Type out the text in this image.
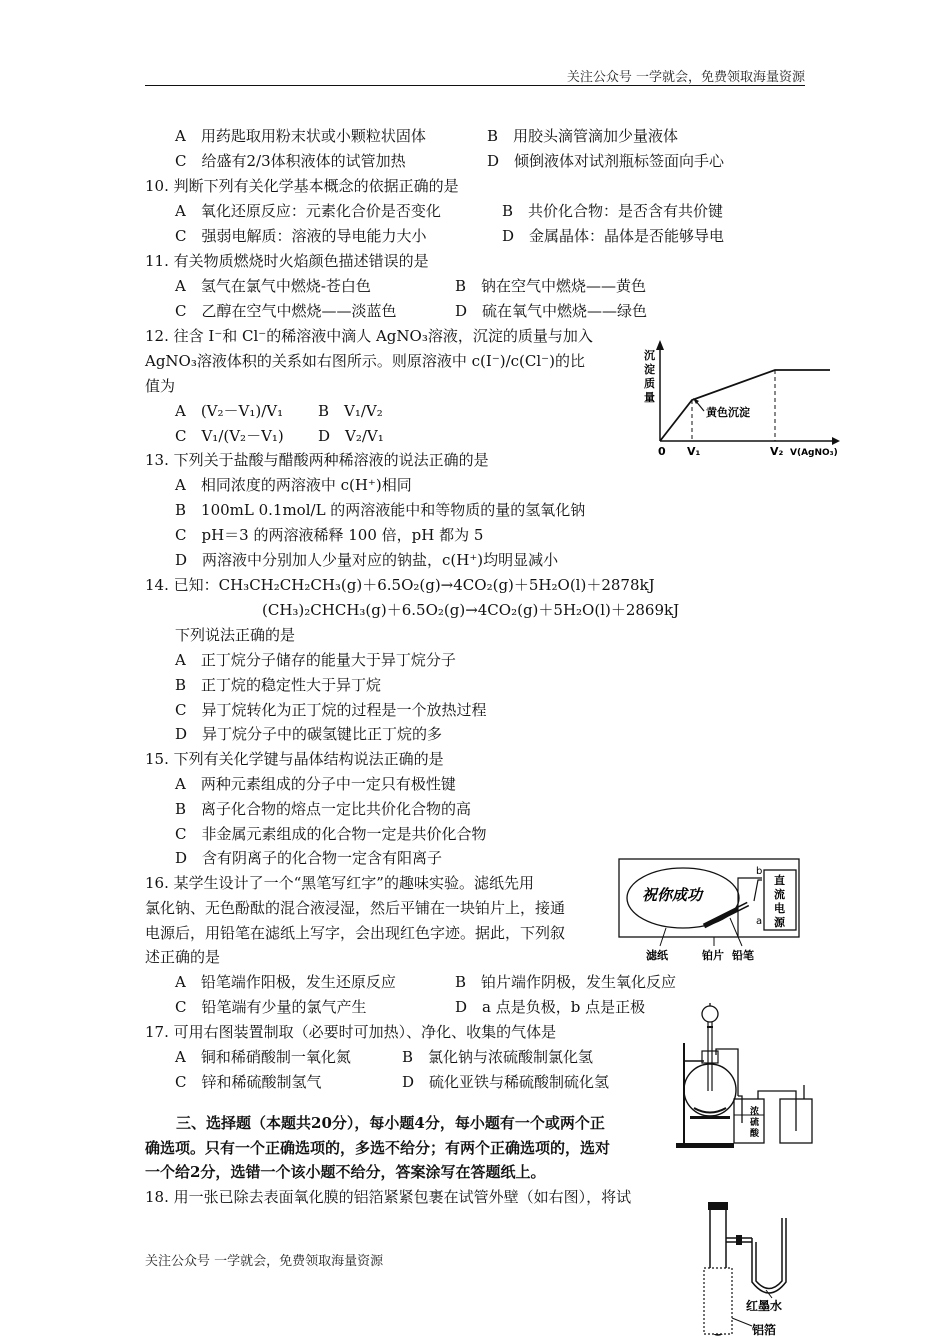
关注公众号 一学就会，免费领取海量资源
A　用药匙取用粉末状或小颗粒状固体	B　用胶头滴管滴加少量液体
C　给盛有2/3体积液体的试管加热	D　倾倒液体对试剂瓶标签面向手心
10. 判断下列有关化学基本概念的依据正确的是
A　氧化还原反应：元素化合价是否变化	B　共价化合物：是否含有共价键
C　强弱电解质：溶液的导电能力大小	D　金属晶体：晶体是否能够导电
11. 有关物质燃烧时火焰颜色描述错误的是
A　氢气在氯气中燃烧-苍白色	B　钠在空气中燃烧——黄色
C　乙醇在空气中燃烧——淡蓝色	D　硫在氧气中燃烧——绿色
12. 往含 I⁻和 Cl⁻的稀溶液中滴人 AgNO₃溶液，沉淀的质量与加入
AgNO₃溶液体积的关系如右图所示。则原溶液中 c(I⁻)/c(Cl⁻)的比
值为
A　(V₂－V₁)/V₁ B　V₁/V₂
C　V₁/(V₂－V₁) D　V₂/V₁
黄色沉淀
沉
淀
质
量
0 V₁	V₂ V(AgNO₃)
13. 下列关于盐酸与醋酸两种稀溶液的说法正确的是
A　相同浓度的两溶液中 c(H⁺)相同
B　100mL 0.1mol/L 的两溶液能中和等物质的量的氢氧化钠
C　pH＝3 的两溶液稀释 100 倍，pH 都为 5
D　两溶液中分别加人少量对应的钠盐，c(H⁺)均明显减小
14. 已知：CH₃CH₂CH₂CH₃(g)＋6.5O₂(g)→4CO₂(g)＋5H₂O(l)＋2878kJ
(CH₃)₂CHCH₃(g)＋6.5O₂(g)→4CO₂(g)＋5H₂O(l)＋2869kJ
下列说法正确的是
A　正丁烷分子储存的能量大于异丁烷分子
B　正丁烷的稳定性大于异丁烷
C　异丁烷转化为正丁烷的过程是一个放热过程
D　异丁烷分子中的碳氢键比正丁烷的多
15. 下列有关化学键与晶体结构说法正确的是
A　两种元素组成的分子中一定只有极性键
B　离子化合物的熔点一定比共价化合物的高
C　非金属元素组成的化合物一定是共价化合物
D　含有阴离子的化合物一定含有阳离子
16. 某学生设计了一个“黑笔写红字”的趣味实验。滤纸先用
氯化钠、无色酚酞的混合液浸湿，然后平铺在一块铂片上，接通
电源后，用铅笔在滤纸上写字，会出现红色字迹。据此，下列叙
述正确的是
A　铅笔端作阳极，发生还原反应	B　铂片端作阴极，发生氧化反应
C　铅笔端有少量的氯气产生	D　a 点是负极，b 点是正极
祝你成功
b
a
直
流
电
源
滤纸	铂片 铅笔
17. 可用右图装置制取（必要时可加热）、净化、收集的气体是
A　铜和稀硝酸制一氧化氮	B　氯化钠与浓硫酸制氯化氢
C　锌和稀硫酸制氢气	D　硫化亚铁与稀硫酸制硫化氢
浓
硫
酸
三、选择题（本题共20分），每小题4分，每小题有一个或两个正
确选项。只有一个正确选项的，多选不给分；有两个正确选项的，选对
一个给2分，选错一个该小题不给分，答案涂写在答题纸上。
18. 用一张已除去表面氧化膜的铝箔紧紧包裹在试管外壁（如右图），将试
红墨水
铝箔
关注公众号 一学就会，免费领取海量资源
